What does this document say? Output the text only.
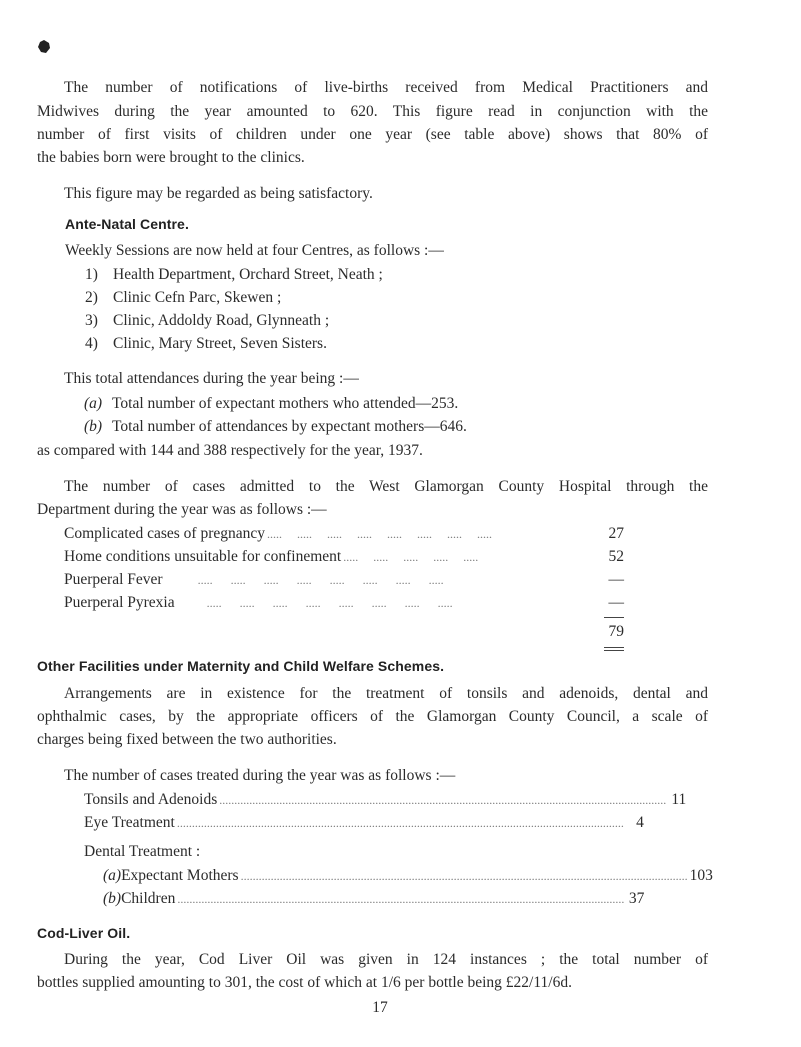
The number of notifications of live-births received from Medical Practitioners and
Midwives during the year amounted to 620. This figure read in conjunction with the
number of first visits of children under one year (see table above) shows that 80% of
the babies born were brought to the clinics.
This figure may be regarded as being satisfactory.
Ante-Natal Centre.
Weekly Sessions are now held at four Centres, as follows :—
1) Health Department, Orchard Street, Neath ;
2) Clinic Cefn Parc, Skewen ;
3) Clinic, Addoldy Road, Glynneath ;
4) Clinic, Mary Street, Seven Sisters.
This total attendances during the year being :—
(a) Total number of expectant mothers who attended—253.
(b) Total number of attendances by expectant mothers—646.
as compared with 144 and 388 respectively for the year, 1937.
The number of cases admitted to the West Glamorgan County Hospital through the
Department during the year was as follows :—
Complicated cases of pregnancy .....     .....     .....     .....     .....     .....     .....     .....	27
Home conditions unsuitable for confinement .....     .....     .....     .....     .....	52
Puerperal Fever .....      .....      .....      .....      .....      .....      .....      .....	—
Puerperal Pyrexia .....      .....      .....      .....      .....      .....      .....      .....	—
79
Other Facilities under Maternity and Child Welfare Schemes.
Arrangements are in existence for the treatment of tonsils and adenoids, dental and
ophthalmic cases, by the appropriate officers of the Glamorgan County Council, a scale of
charges being fixed between the two authorities.
The number of cases treated during the year was as follows :—
Tonsils and Adenoids ..................................................................................................................................................... 11
Eye Treatment ..................................................................................................................................................... 4
Dental Treatment :
(a) Expectant Mothers ..................................................................................................................................................... 103
(b) Children ..................................................................................................................................................... 37
Cod-Liver Oil.
During the year, Cod Liver Oil was given in 124 instances ; the total number of
bottles supplied amounting to 301, the cost of which at 1/6 per bottle being £22/11/6d.
17
